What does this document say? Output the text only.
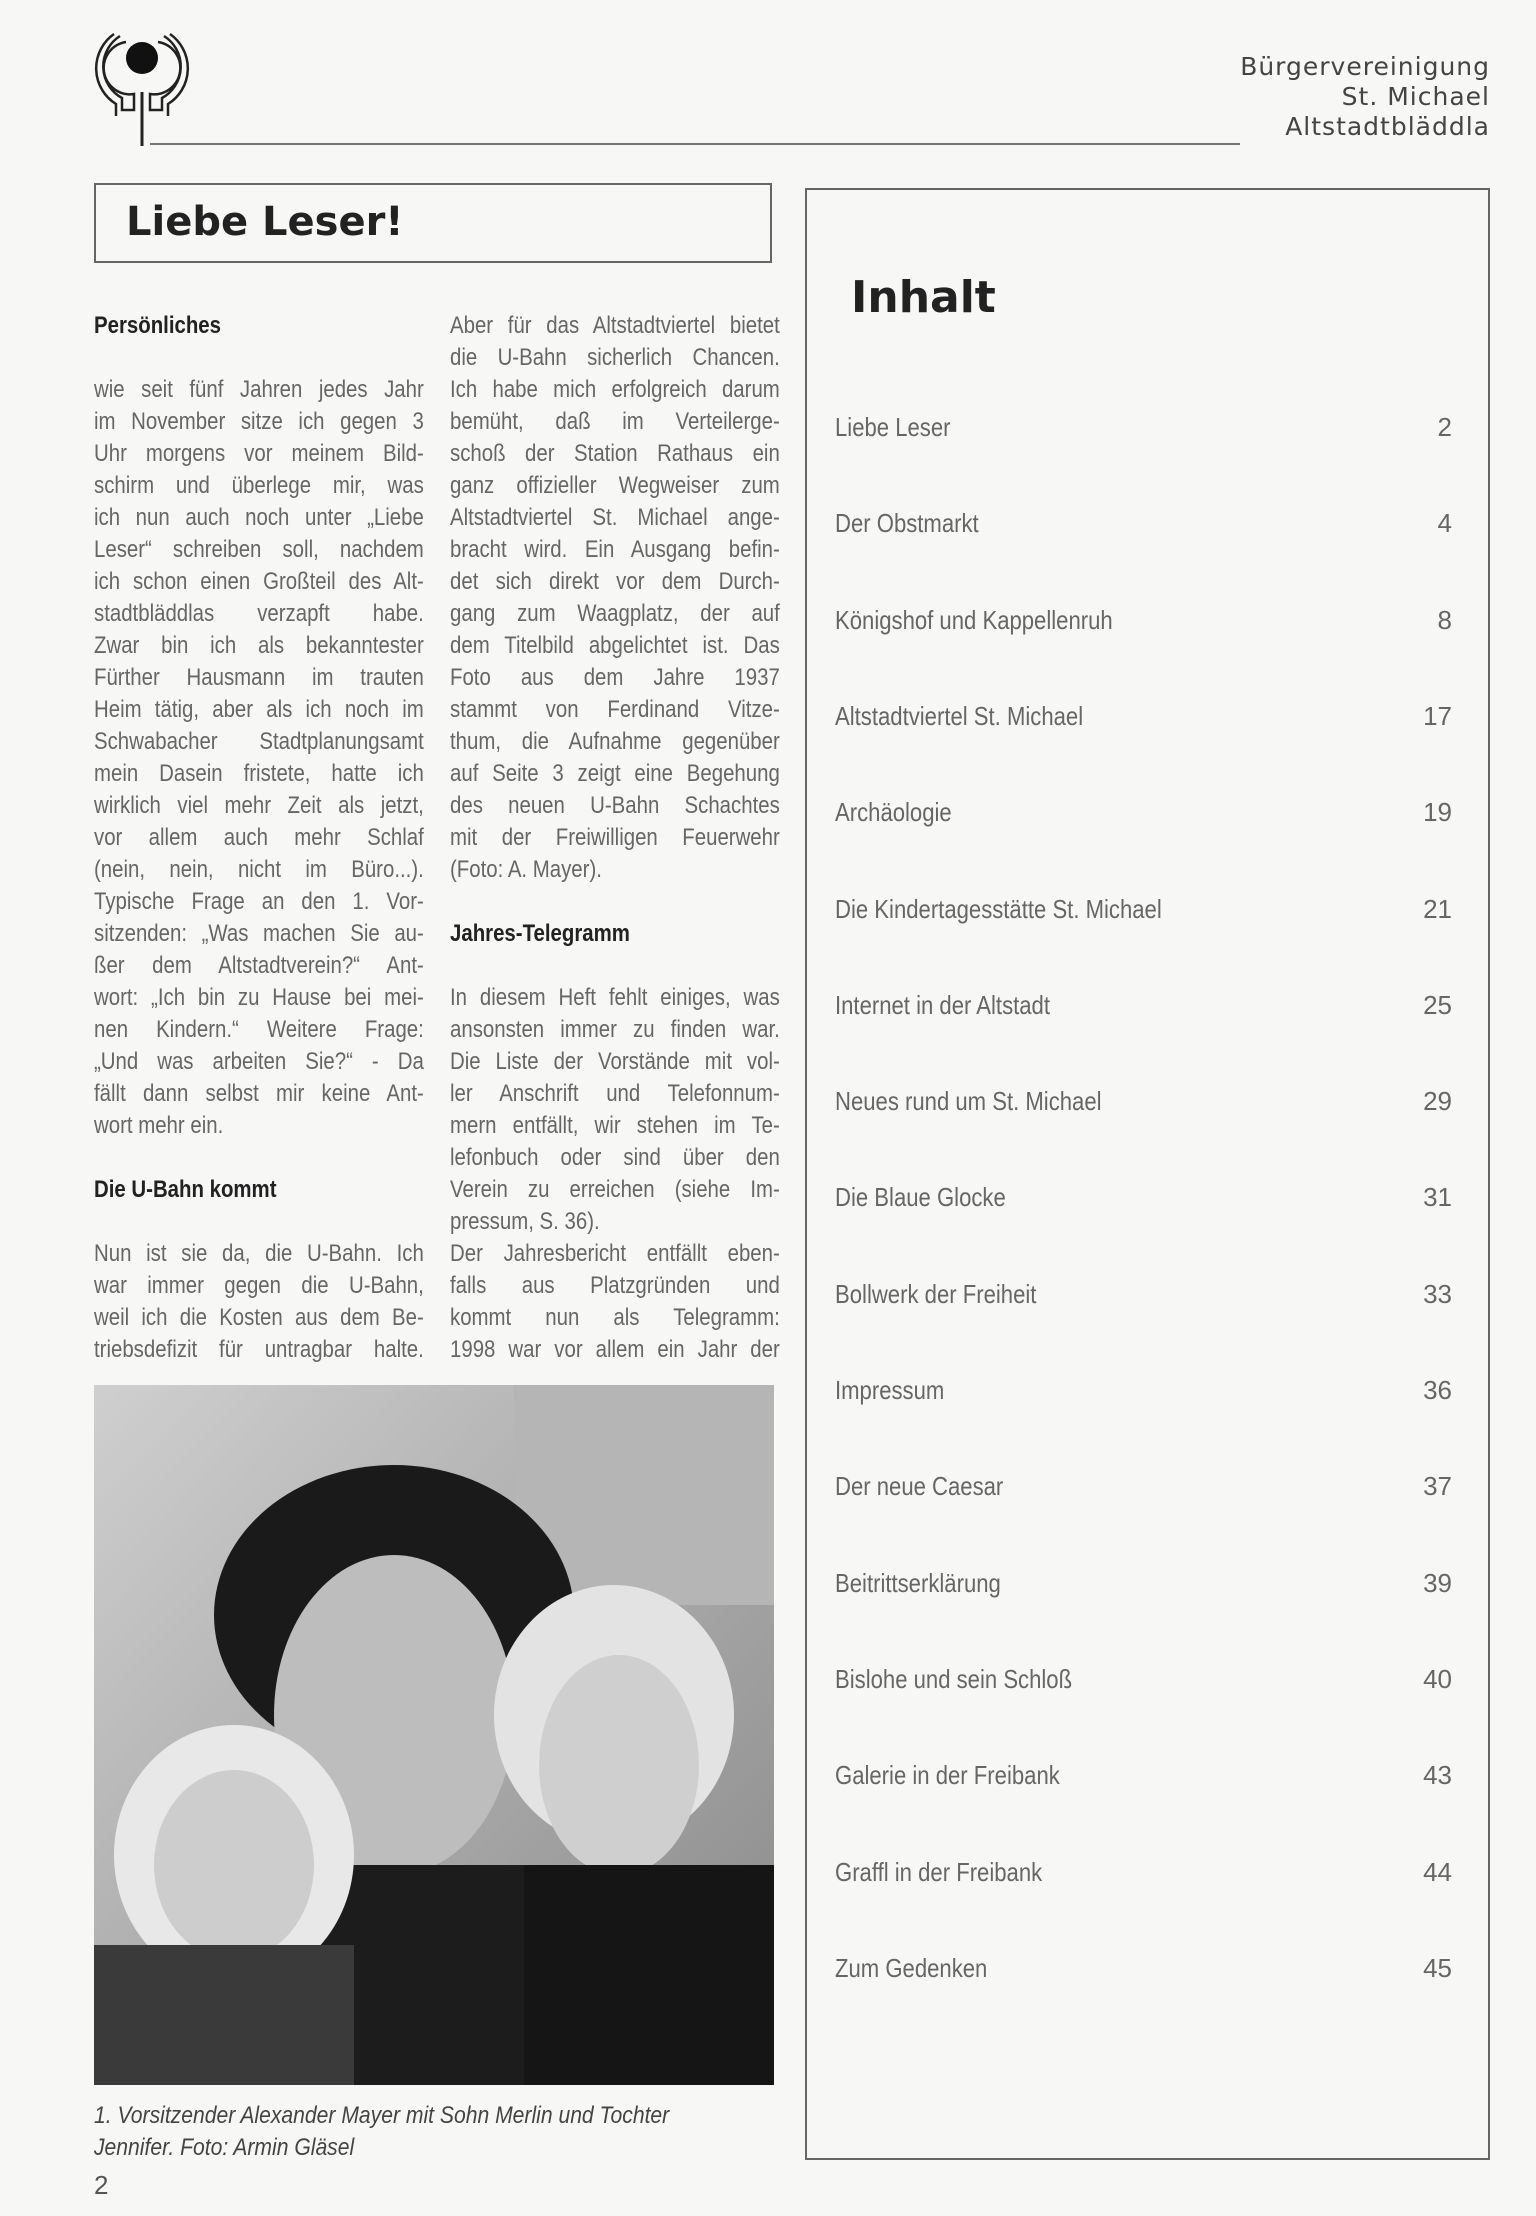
Bürgervereinigung
St. Michael
Altstadtbläddla
Liebe Leser!
Persönliches
wie seit fünf Jahren jedes Jahr
im November sitze ich gegen 3
Uhr morgens vor meinem Bild-
schirm und überlege mir, was
ich nun auch noch unter „Liebe
Leser“ schreiben soll, nachdem
ich schon einen Großteil des Alt-
stadtbläddlas verzapft habe.
Zwar bin ich als bekanntester
Fürther Hausmann im trauten
Heim tätig, aber als ich noch im
Schwabacher Stadtplanungsamt
mein Dasein fristete, hatte ich
wirklich viel mehr Zeit als jetzt,
vor allem auch mehr Schlaf
(nein, nein, nicht im Büro...).
Typische Frage an den 1. Vor-
sitzenden: „Was machen Sie au-
ßer dem Altstadtverein?“ Ant-
wort: „Ich bin zu Hause bei mei-
nen Kindern.“ Weitere Frage:
„Und was arbeiten Sie?“ - Da
fällt dann selbst mir keine Ant-
wort mehr ein.
Die U-Bahn kommt
Nun ist sie da, die U-Bahn. Ich
war immer gegen die U-Bahn,
weil ich die Kosten aus dem Be-
triebsdefizit für untragbar halte.
Aber für das Altstadtviertel bietet
die U-Bahn sicherlich Chancen.
Ich habe mich erfolgreich darum
bemüht, daß im Verteilerge-
schoß der Station Rathaus ein
ganz offizieller Wegweiser zum
Altstadtviertel St. Michael ange-
bracht wird. Ein Ausgang befin-
det sich direkt vor dem Durch-
gang zum Waagplatz, der auf
dem Titelbild abgelichtet ist. Das
Foto aus dem Jahre 1937
stammt von Ferdinand Vitze-
thum, die Aufnahme gegenüber
auf Seite 3 zeigt eine Begehung
des neuen U-Bahn Schachtes
mit der Freiwilligen Feuerwehr
(Foto: A. Mayer).
Jahres-Telegramm
In diesem Heft fehlt einiges, was
ansonsten immer zu finden war.
Die Liste der Vorstände mit vol-
ler Anschrift und Telefonnum-
mern entfällt, wir stehen im Te-
lefonbuch oder sind über den
Verein zu erreichen (siehe Im-
pressum, S. 36).
Der Jahresbericht entfällt eben-
falls aus Platzgründen und
kommt nun als Telegramm:
1998 war vor allem ein Jahr der
1. Vorsitzender Alexander Mayer mit Sohn Merlin und Tochter
Jennifer. Foto: Armin Gläsel
2
Inhalt
Liebe Leser	2
Der Obstmarkt	4
Königshof und Kappellenruh	8
Altstadtviertel St. Michael	17
Archäologie	19
Die Kindertagesstätte St. Michael	21
Internet in der Altstadt	25
Neues rund um St. Michael	29
Die Blaue Glocke	31
Bollwerk der Freiheit	33
Impressum	36
Der neue Caesar	37
Beitrittserklärung	39
Bislohe und sein Schloß	40
Galerie in der Freibank	43
Graffl in der Freibank	44
Zum Gedenken	45
